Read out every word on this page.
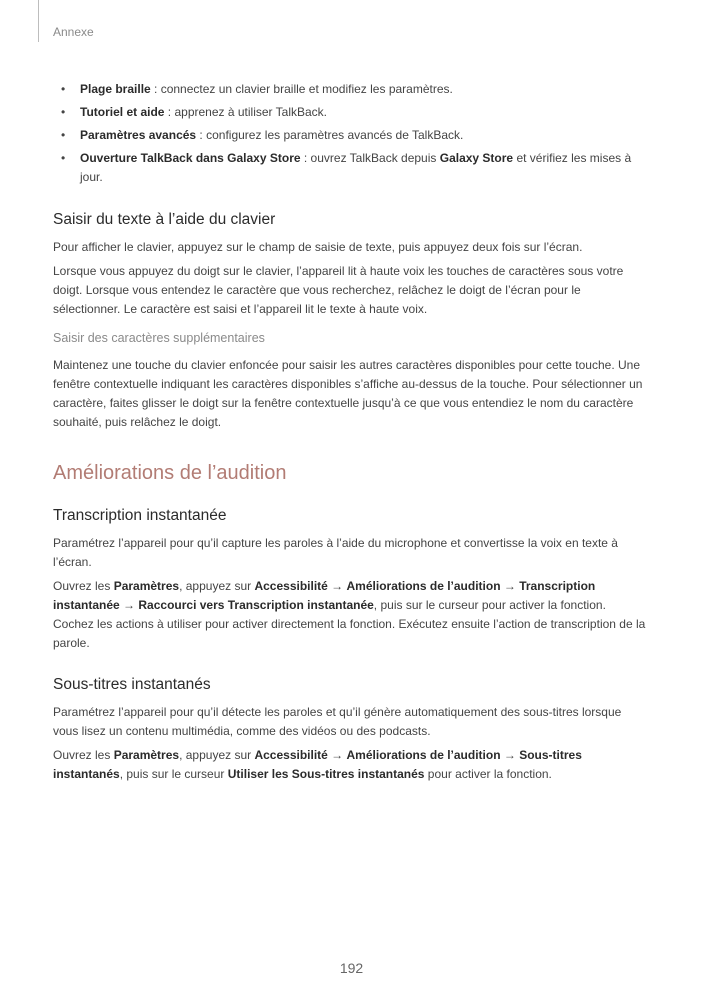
Annexe
• Plage braille : connectez un clavier braille et modifiez les paramètres.
• Tutoriel et aide : apprenez à utiliser TalkBack.
• Paramètres avancés : configurez les paramètres avancés de TalkBack.
• Ouverture TalkBack dans Galaxy Store : ouvrez TalkBack depuis Galaxy Store et vérifiez les mises à jour.
Saisir du texte à l’aide du clavier

Pour afficher le clavier, appuyez sur le champ de saisie de texte, puis appuyez deux fois sur l’écran.

Lorsque vous appuyez du doigt sur le clavier, l’appareil lit à haute voix les touches de caractères sous votre doigt. Lorsque vous entendez le caractère que vous recherchez, relâchez le doigt de l’écran pour le sélectionner. Le caractère est saisi et l’appareil lit le texte à haute voix.

Saisir des caractères supplémentaires

Maintenez une touche du clavier enfoncée pour saisir les autres caractères disponibles pour cette touche. Une fenêtre contextuelle indiquant les caractères disponibles s’affiche au-dessus de la touche. Pour sélectionner un caractère, faites glisser le doigt sur la fenêtre contextuelle jusqu’à ce que vous entendiez le nom du caractère souhaité, puis relâchez le doigt.

Améliorations de l’audition
Transcription instantanée

Paramétrez l’appareil pour qu’il capture les paroles à l’aide du microphone et convertisse la voix en texte à l’écran.

Ouvrez les Paramètres, appuyez sur Accessibilité → Améliorations de l’audition → Transcription instantanée → Raccourci vers Transcription instantanée, puis sur le curseur pour activer la fonction. Cochez les actions à utiliser pour activer directement la fonction. Exécutez ensuite l’action de transcription de la parole.

Sous-titres instantanés

Paramétrez l’appareil pour qu’il détecte les paroles et qu’il génère automatiquement des sous-titres lorsque vous lisez un contenu multimédia, comme des vidéos ou des podcasts.

Ouvrez les Paramètres, appuyez sur Accessibilité → Améliorations de l’audition → Sous-titres instantanés, puis sur le curseur Utiliser les Sous-titres instantanés pour activer la fonction.

192
